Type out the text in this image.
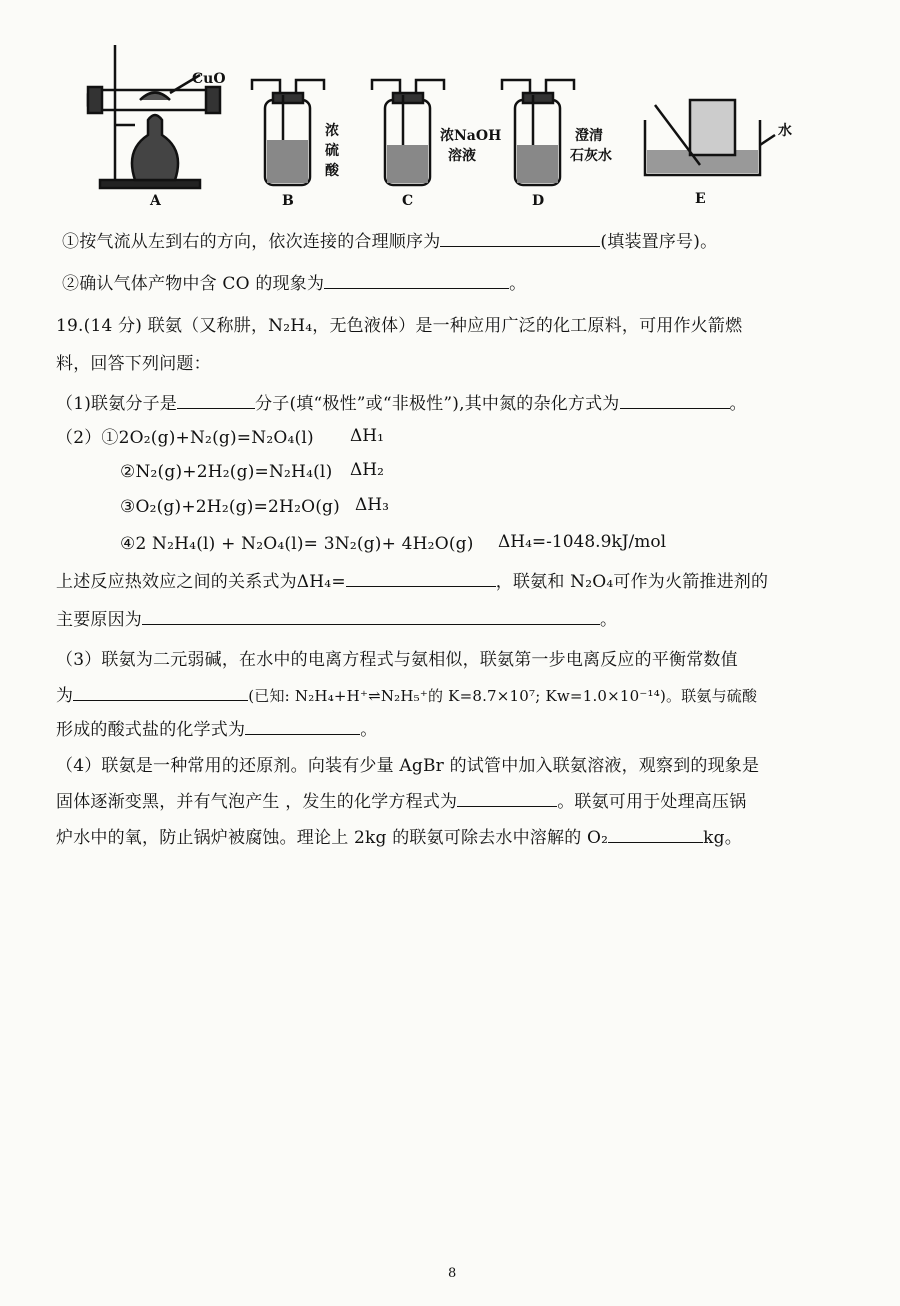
CuO
浓
硫
酸
浓NaOH
溶液
澄清
石灰水
水
A	B	C	D	E
①按气流从左到右的方向，依次连接的合理顺序为	(填装置序号)。
②确认气体产物中含 CO 的现象为	。
19.(14 分) 联氨（又称肼，N₂H₄，无色液体）是一种应用广泛的化工原料，可用作火箭燃
料，回答下列问题：
（1)联氨分子是	分子(填“极性”或“非极性”),其中氮的杂化方式为	。
（2）①2O₂(g)+N₂(g)=N₂O₄(l) ΔH₁
②N₂(g)+2H₂(g)=N₂H₄(l) ΔH₂
③O₂(g)+2H₂(g)=2H₂O(g) ΔH₃
④2 N₂H₄(l) + N₂O₄(l)= 3N₂(g)+ 4H₂O(g) ΔH₄=-1048.9kJ/mol
上述反应热效应之间的关系式为ΔH₄=	，联氨和 N₂O₄可作为火箭推进剂的
主要原因为	。
（3）联氨为二元弱碱，在水中的电离方程式与氨相似，联氨第一步电离反应的平衡常数值
为	(已知: N₂H₄+H⁺⇌N₂H₅⁺的 K=8.7×10⁷; Kw=1.0×10⁻¹⁴)。联氨与硫酸
形成的酸式盐的化学式为	。
（4）联氨是一种常用的还原剂。向装有少量 AgBr 的试管中加入联氨溶液，观察到的现象是
固体逐渐变黑，并有气泡产生 ，发生的化学方程式为	。联氨可用于处理高压锅
炉水中的氧，防止锅炉被腐蚀。理论上 2kg 的联氨可除去水中溶解的 O₂	kg。
8
